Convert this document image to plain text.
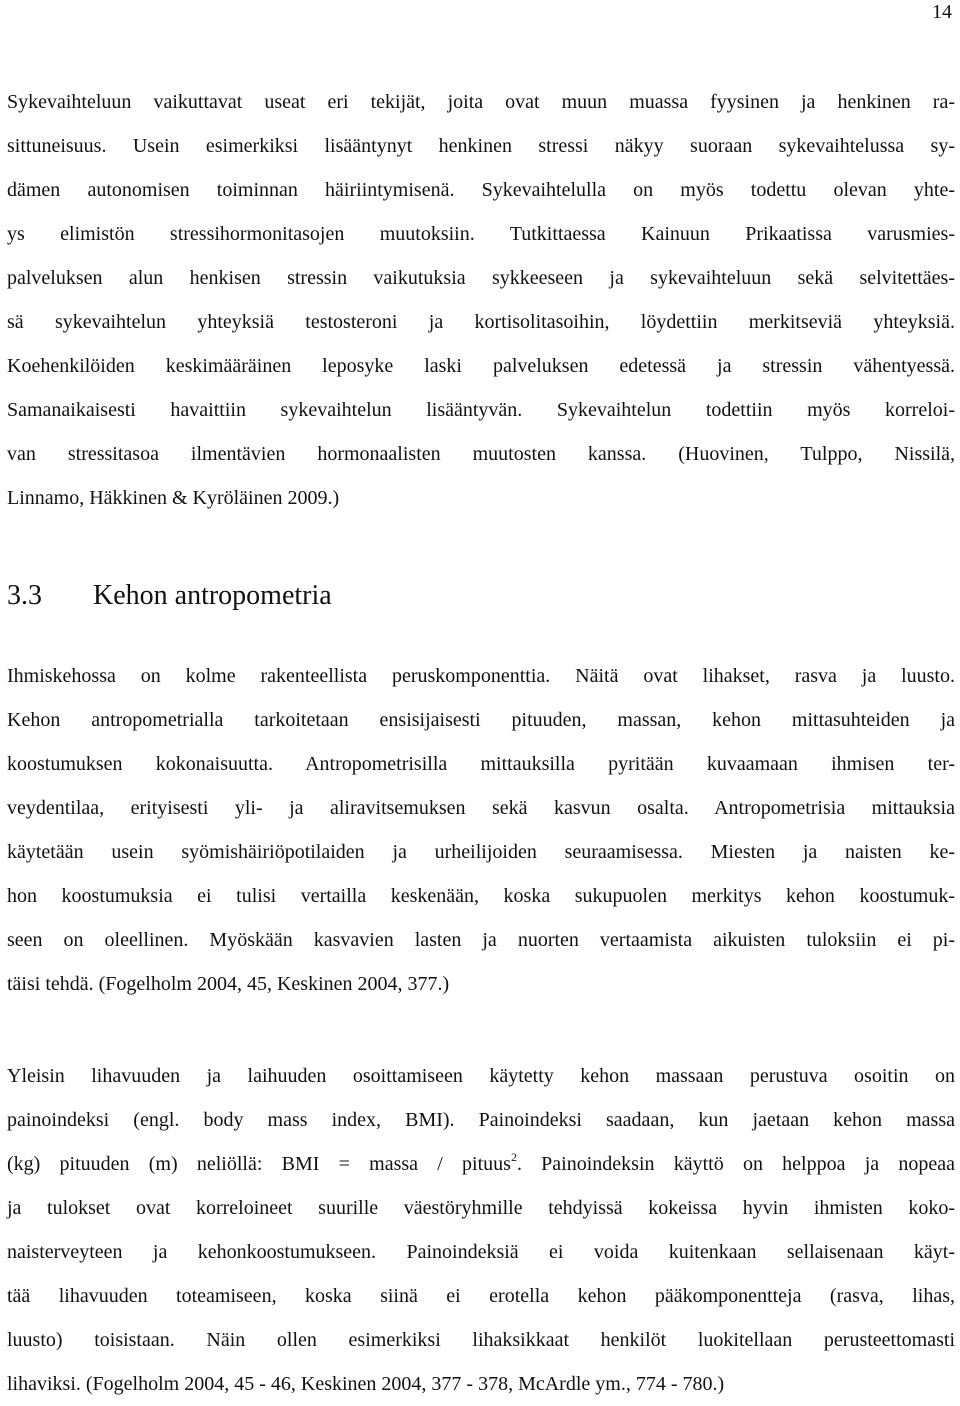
14
Sykevaihteluun vaikuttavat useat eri tekijät, joita ovat muun muassa fyysinen ja henkinen ra-
sittuneisuus. Usein esimerkiksi lisääntynyt henkinen stressi näkyy suoraan sykevaihtelussa sy-
dämen autonomisen toiminnan häiriintymisenä. Sykevaihtelulla on myös todettu olevan yhte-
ys elimistön stressihormonitasojen muutoksiin. Tutkittaessa Kainuun Prikaatissa varusmies-
palveluksen alun henkisen stressin vaikutuksia sykkeeseen ja sykevaihteluun sekä selvitettäes-
sä sykevaihtelun yhteyksiä testosteroni ja kortisolitasoihin, löydettiin merkitseviä yhteyksiä.
Koehenkilöiden keskimääräinen leposyke laski palveluksen edetessä ja stressin vähentyessä.
Samanaikaisesti havaittiin sykevaihtelun lisääntyvän. Sykevaihtelun todettiin myös korreloi-
van stressitasoa ilmentävien hormonaalisten muutosten kanssa. (Huovinen, Tulppo, Nissilä,
Linnamo, Häkkinen & Kyröläinen 2009.)
3.3 Kehon antropometria
Ihmiskehossa on kolme rakenteellista peruskomponenttia. Näitä ovat lihakset, rasva ja luusto.
Kehon antropometrialla tarkoitetaan ensisijaisesti pituuden, massan, kehon mittasuhteiden ja
koostumuksen kokonaisuutta. Antropometrisilla mittauksilla pyritään kuvaamaan ihmisen ter-
veydentilaa, erityisesti yli- ja aliravitsemuksen sekä kasvun osalta. Antropometrisia mittauksia
käytetään usein syömishäiriöpotilaiden ja urheilijoiden seuraamisessa. Miesten ja naisten ke-
hon koostumuksia ei tulisi vertailla keskenään, koska sukupuolen merkitys kehon koostumuk-
seen on oleellinen. Myöskään kasvavien lasten ja nuorten vertaamista aikuisten tuloksiin ei pi-
täisi tehdä. (Fogelholm 2004, 45, Keskinen 2004, 377.)
Yleisin lihavuuden ja laihuuden osoittamiseen käytetty kehon massaan perustuva osoitin on
painoindeksi (engl. body mass index, BMI). Painoindeksi saadaan, kun jaetaan kehon massa
(kg) pituuden (m) neliöllä: BMI = massa / pituus$^2$. Painoindeksin käyttö on helppoa ja nopeaa
ja tulokset ovat korreloineet suurille väestöryhmille tehdyissä kokeissa hyvin ihmisten koko-
naisterveyteen ja kehonkoostumukseen. Painoindeksiä ei voida kuitenkaan sellaisenaan käyt-
tää lihavuuden toteamiseen, koska siinä ei erotella kehon pääkomponentteja (rasva, lihas,
luusto) toisistaan. Näin ollen esimerkiksi lihaksikkaat henkilöt luokitellaan perusteettomasti
lihaviksi. (Fogelholm 2004, 45 - 46, Keskinen 2004, 377 - 378, McArdle ym., 774 - 780.)
